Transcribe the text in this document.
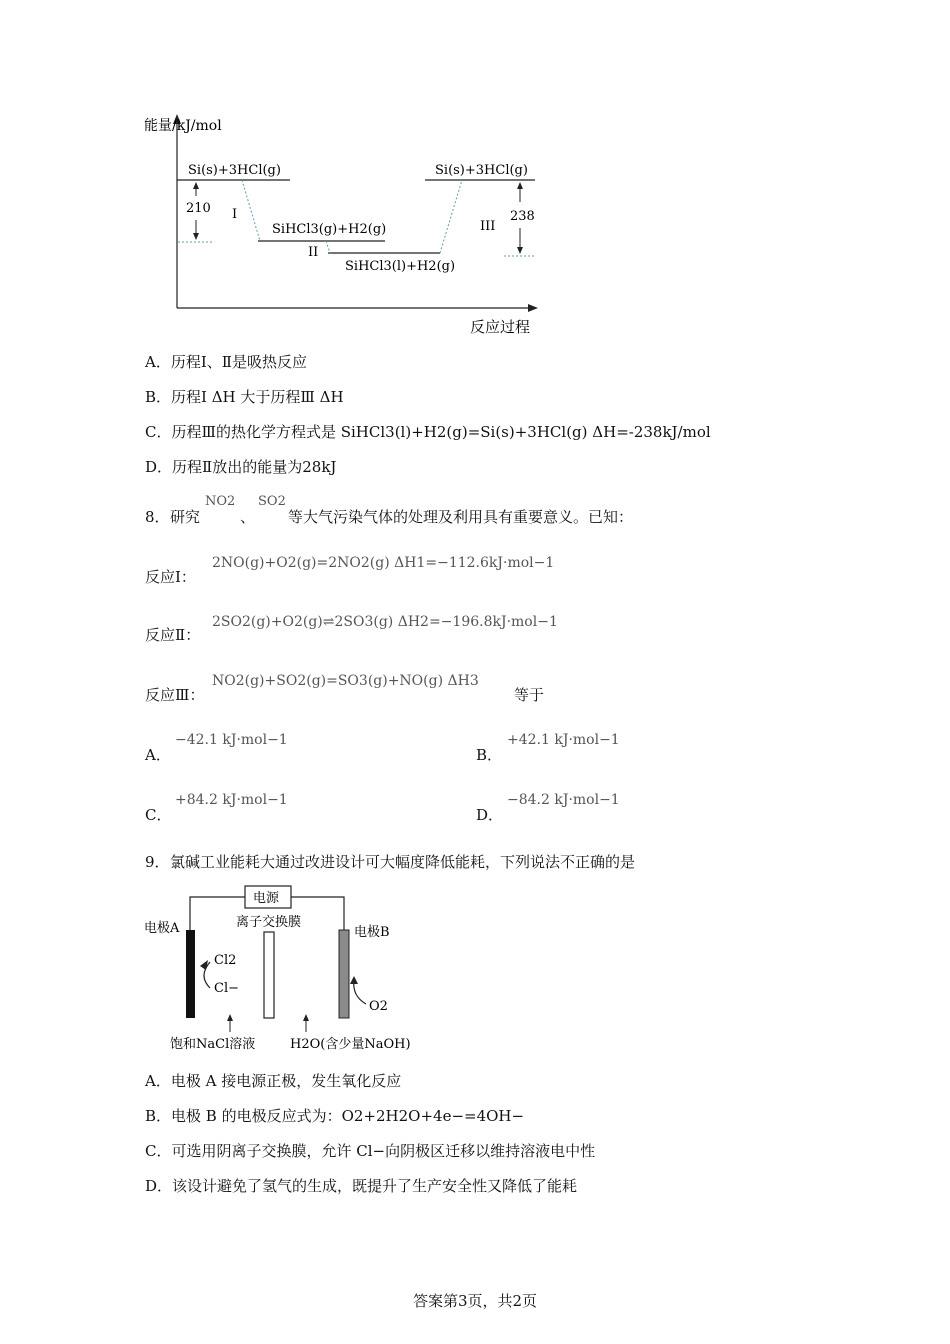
能量/kJ/mol
反应过程
Si(s)+3HCl(g)
SiHCl3(g)+H2(g)
SiHCl3(l)+H2(g)
Si(s)+3HCl(g)
210
238
I
II
III
A．历程Ⅰ、Ⅱ是吸热反应
B．历程Ⅰ ΔH 大于历程Ⅲ ΔH
C．历程Ⅲ的热化学方程式是 SiHCl3(l)+H2(g)=Si(s)+3HCl(g) ΔH=-238kJ/mol
D．历程Ⅱ放出的能量为28kJ
8． 研究
NO2
、
SO2
等大气污染气体的处理及利用具有重要意义。已知：
反应Ⅰ：
2NO(g)+O2(g)=2NO2(g) ΔH1=−112.6kJ·mol−1
反应Ⅱ：
2SO2(g)+O2(g)⇌2SO3(g) ΔH2=−196.8kJ·mol−1
反应Ⅲ：
NO2(g)+SO2(g)=SO3(g)+NO(g) ΔH3
等于
A．
−42.1 kJ·mol−1
B．
+42.1 kJ·mol−1
C．
+84.2 kJ·mol−1
D．
−84.2 kJ·mol−1
9． 氯碱工业能耗大通过改进设计可大幅度降低能耗，下列说法不正确的是
电源
离子交换膜
电极A	电极B
Cl2
Cl−
O2
饱和NaCl溶液	H2O(含少量NaOH)
A．电极 A 接电源正极，发生氧化反应
B．电极 B 的电极反应式为：O2+2H2O+4e−=4OH−
C．可选用阴离子交换膜，允许 Cl−向阴极区迁移以维持溶液电中性
D．该设计避免了氢气的生成，既提升了生产安全性又降低了能耗
答案第3页，共2页
